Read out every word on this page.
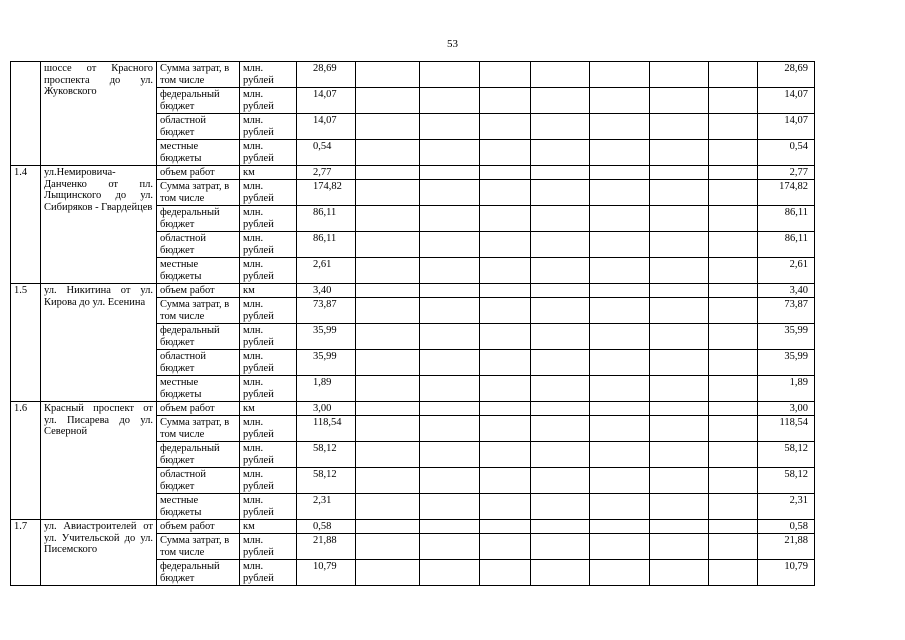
53
	шоссе от Красного проспекта до ул. Жуковского	Сумма затрат, в том числе	млн. рублей	28,69								28,69
		федеральный бюджет	млн. рублей	14,07								14,07
		областной бюджет	млн. рублей	14,07								14,07
		местные бюджеты	млн. рублей	0,54								0,54
1.4	ул.Немировича-Данченко от пл. Лыщинского до ул. Сибиряков - Гвардейцев	объем работ	км	2,77								2,77
		Сумма затрат, в том числе	млн. рублей	174,82								174,82
		федеральный бюджет	млн. рублей	86,11								86,11
		областной бюджет	млн. рублей	86,11								86,11
		местные бюджеты	млн. рублей	2,61								2,61
1.5	ул. Никитина от ул. Кирова до ул. Есенина	объем работ	км	3,40								3,40
		Сумма затрат, в том числе	млн. рублей	73,87								73,87
		федеральный бюджет	млн. рублей	35,99								35,99
		областной бюджет	млн. рублей	35,99								35,99
		местные бюджеты	млн. рублей	1,89								1,89
1.6	Красный проспект от ул. Писарева до ул. Северной	объем работ	км	3,00								3,00
		Сумма затрат, в том числе	млн. рублей	118,54								118,54
		федеральный бюджет	млн. рублей	58,12								58,12
		областной бюджет	млн. рублей	58,12								58,12
		местные бюджеты	млн. рублей	2,31								2,31
1.7	ул. Авиастроителей от ул. Учительской до ул. Писемского	объем работ	км	0,58								0,58
		Сумма затрат, в том числе	млн. рублей	21,88								21,88
		федеральный бюджет	млн. рублей	10,79								10,79
